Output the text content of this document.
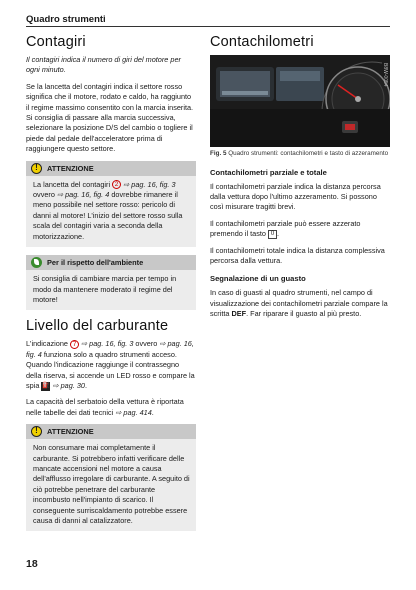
Quadro strumenti
Contagiri

Il contagiri indica il numero di giri del motore per ogni minuto.

Se la lancetta del contagiri indica il settore rosso significa che il motore, rodato e caldo, ha raggiunto il regime massimo consentito con la marcia inserita. Si consiglia di passare alla marcia successiva, selezionare la posizione D/S del cambio o togliere il piede dal pedale dell'acceleratore prima di raggiungere questo settore.

!	ATTENZIONE
La lancetta del contagiri 2 ⇨ pag. 16, fig. 3 ovvero ⇨ pag. 16, fig. 4 dovrebbe rimanere il meno possibile nel settore rosso: pericolo di danni al motore! L'inizio del settore rosso sulla scala del contagiri varia a seconda della motorizzazione.
Per il rispetto dell'ambiente
Si consiglia di cambiare marcia per tempo in modo da mantenere moderato il regime del motore!
Livello del carburante

L'indicazione 7 ⇨ pag. 16, fig. 3 ovvero ⇨ pag. 16, fig. 4 funziona solo a quadro strumenti acceso. Quando l'indicazione raggiunge il contrassegno della riserva, si accende un LED rosso e compare la spia ⛽ ⇨ pag. 30.

La capacità del serbatoio della vettura è riportata nelle tabelle dei dati tecnici ⇨ pag. 414.

!	ATTENZIONE
Non consumare mai completamente il carburante. Si potrebbero infatti verificare delle mancate accensioni nel motore a causa dell'afflusso irregolare di carburante. A seguito di ciò potrebbe penetrare del carburante incombusto nell'impianto di scarico. Il conseguente surriscaldamento potrebbe essere causa di danni al catalizzatore.
Contachilometri
B8W-0054
Fig. 5 Quadro strumenti: contachilometri e tasto di azzeramento
Contachilometri parziale e totale

Il contachilometri parziale indica la distanza percorsa dalla vettura dopo l'ultimo azzeramento. Si possono così misurare tragitti brevi.

Il contachilometri parziale può essere azzerato premendo il tasto 0 .

Il contachilometri totale indica la distanza complessiva percorsa dalla vettura.

Segnalazione di un guasto

In caso di guasti al quadro strumenti, nel campo di visualizzazione dei contachilometri parziale compare la scritta DEF. Far riparare il guasto al più presto.

18
